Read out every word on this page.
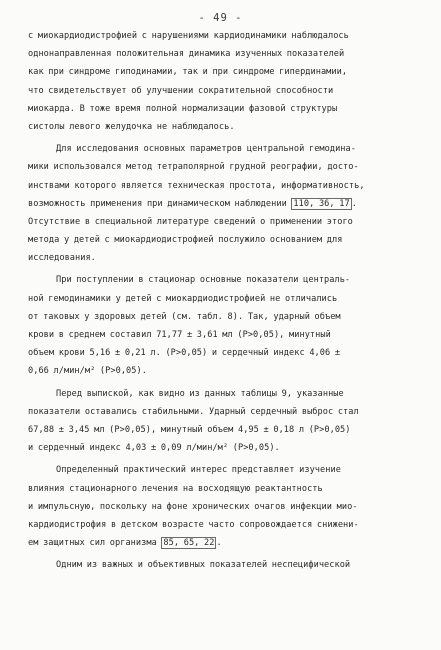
- 49 -
с миокардиодистрофией с нарушениями кардиодинамики наблюдалось
однонаправленная положительная динамика изученных показателей
как при синдроме гиподинамии, так и при синдроме гипердинамии,
что свидетельствует об улучшении сократительной способности
миокарда. В тоже время полной нормализации фазовой структуры
систолы левого желудочка не наблюдалось.
Для исследования основных параметров центральной гемодина-
мики использовался метод тетраполярной грудной реографии, досто-
инствами которого является техническая простота, информативность,
возможность применения при динамическом наблюдении 110, 36, 17 .
Отсутствие в специальной литературе сведений о применении этого
метода у детей с миокардиодистрофией послужило основанием для
исследования.
При поступлении в стационар основные показатели централь-
ной гемодинамики у детей с миокардиодистрофией не отличались
от таковых у здоровых детей (см. табл. 8). Так, ударный объем
крови в среднем составил 71,77 ± 3,61 мл (Р>0,05), минутный
объем крови 5,16 ± 0,21 л. (Р>0,05) и сердечный индекс 4,06 ±
0,66 л/мин/м² (Р>0,05).
Перед выпиской, как видно из данных таблицы 9, указанные
показатели оставались стабильными. Ударный сердечный выброс стал
67,88 ± 3,45 мл (Р>0,05), минутный объем 4,95 ± 0,18 л (Р>0,05)
и сердечный индекс 4,03 ± 0,09 л/мин/м² (Р>0,05).
Определенный практический интерес представляет изучение
влияния стационарного лечения на восходящую реактантность
и импульсную, поскольку на фоне хронических очагов инфекции мио-
кардиодистрофия в детском возрасте часто сопровождается снижени-
ем защитных сил организма 85, 65, 22 .
Одним из важных и объективных показателей неспецифической
